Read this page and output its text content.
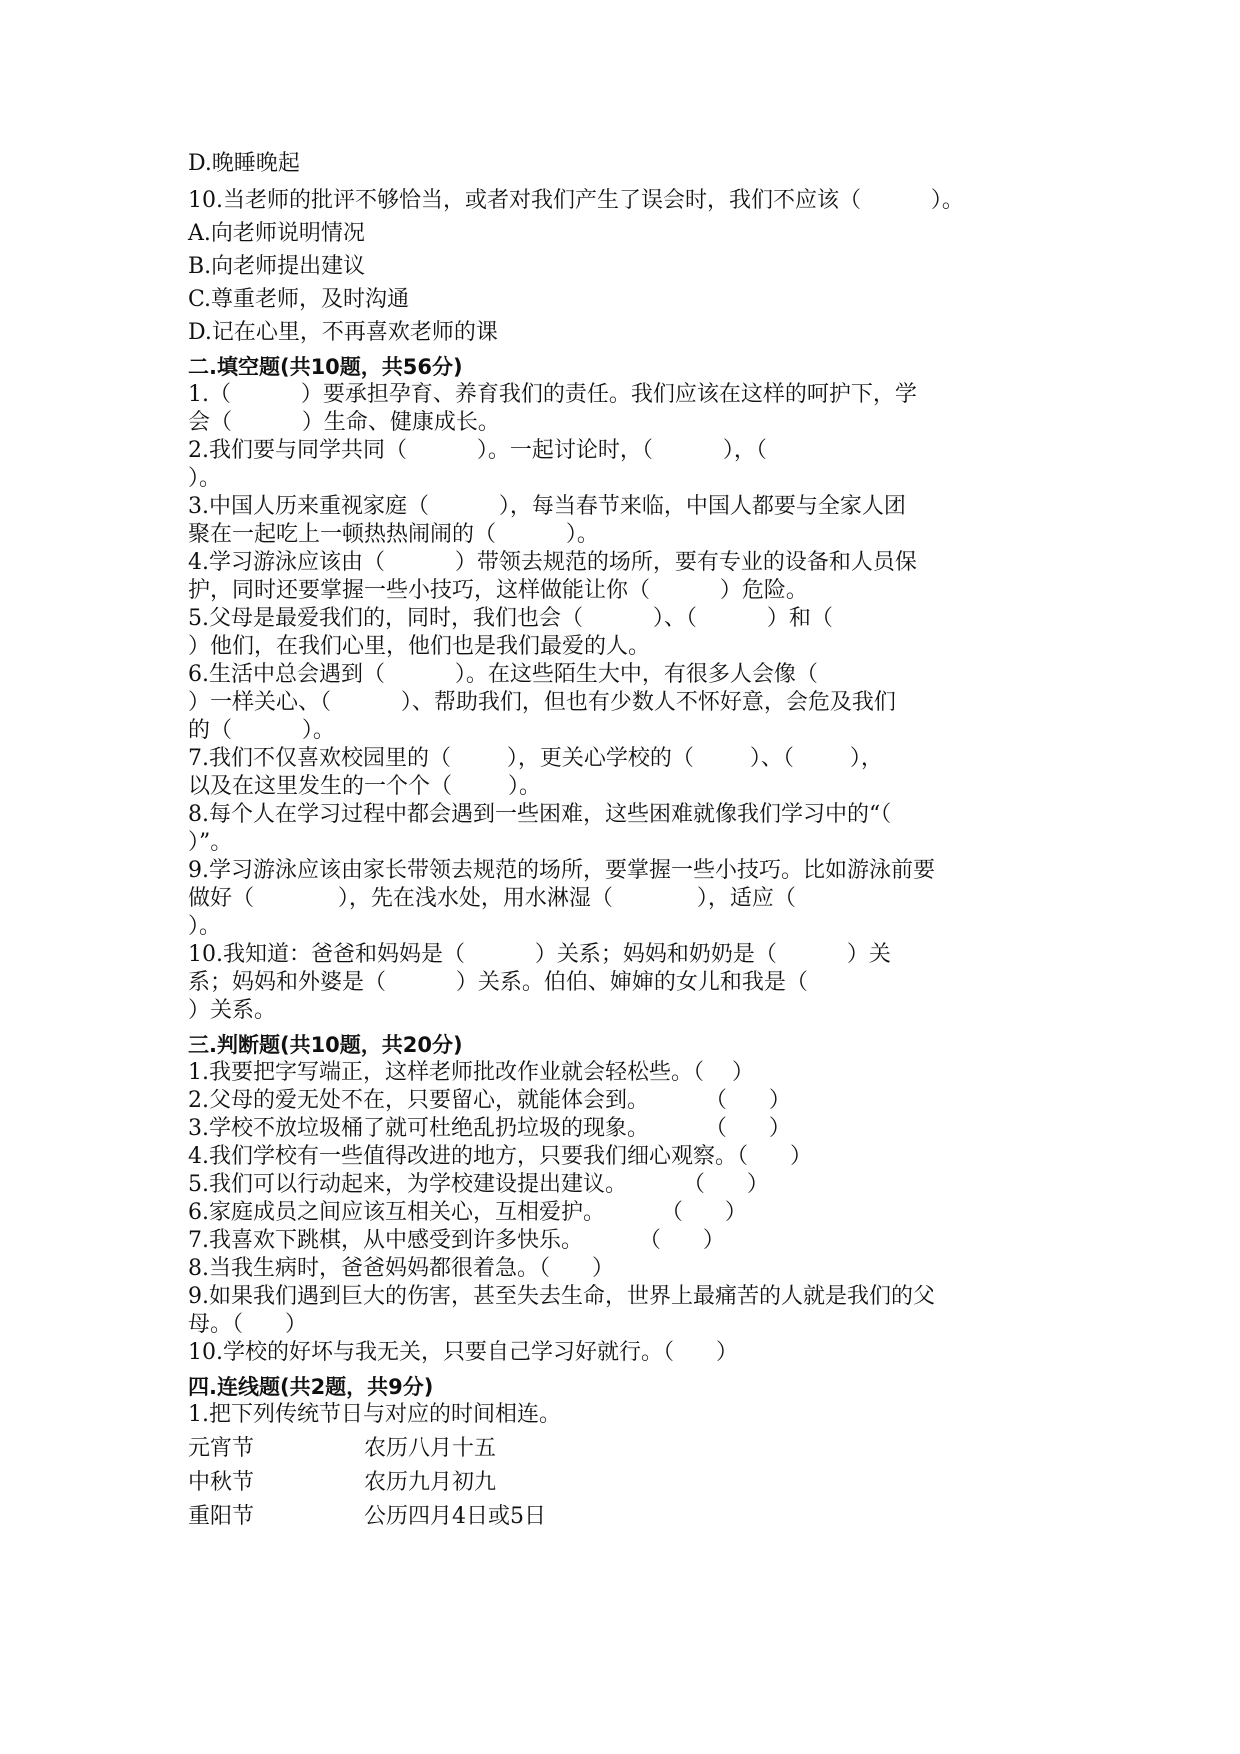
D.晚睡晚起
10.当老师的批评不够恰当，或者对我们产生了误会时，我们不应该（          ）。
A.向老师说明情况
B.向老师提出建议
C.尊重老师，及时沟通
D.记在心里，不再喜欢老师的课
二.填空题(共10题，共56分)
1.（          ）要承担孕育、养育我们的责任。我们应该在这样的呵护下，学
会（          ）生命、健康成长。
2.我们要与同学共同（          ）。一起讨论时，（          ），（
）。
3.中国人历来重视家庭（          ），每当春节来临，中国人都要与全家人团
聚在一起吃上一顿热热闹闹的（          ）。
4.学习游泳应该由（          ）带领去规范的场所，要有专业的设备和人员保
护，同时还要掌握一些小技巧，这样做能让你（          ）危险。
5.父母是最爱我们的，同时，我们也会（          ）、（          ）和（
）他们，在我们心里，他们也是我们最爱的人。
6.生活中总会遇到（          ）。在这些陌生大中，有很多人会像（
）一样关心、（          ）、帮助我们，但也有少数人不怀好意，会危及我们
的（          ）。
7.我们不仅喜欢校园里的（        ），更关心学校的（        ）、（        ），
以及在这里发生的一个个（        ）。
8.每个人在学习过程中都会遇到一些困难，这些困难就像我们学习中的“（
）”。
9.学习游泳应该由家长带领去规范的场所，要掌握一些小技巧。比如游泳前要
做好（            ），先在浅水处，用水淋湿（            ），适应（
）。
10.我知道：爸爸和妈妈是（          ）关系；妈妈和奶奶是（          ）关
系；妈妈和外婆是（          ）关系。伯伯、婶婶的女儿和我是（
）关系。
三.判断题(共10题，共20分)
1.我要把字写端正，这样老师批改作业就会轻松些。（    ）
2.父母的爱无处不在，只要留心，就能体会到。        （      ）
3.学校不放垃圾桶了就可杜绝乱扔垃圾的现象。        （      ）
4.我们学校有一些值得改进的地方，只要我们细心观察。（      ）
5.我们可以行动起来，为学校建设提出建议。        （      ）
6.家庭成员之间应该互相关心，互相爱护。        （      ）
7.我喜欢下跳棋，从中感受到许多快乐。        （      ）
8.当我生病时，爸爸妈妈都很着急。（      ）
9.如果我们遇到巨大的伤害，甚至失去生命，世界上最痛苦的人就是我们的父
母。（      ）
10.学校的好坏与我无关，只要自己学习好就行。（      ）
四.连线题(共2题，共9分)
1.把下列传统节日与对应的时间相连。
元宵节	农历八月十五
中秋节	农历九月初九
重阳节	公历四月4日或5日
